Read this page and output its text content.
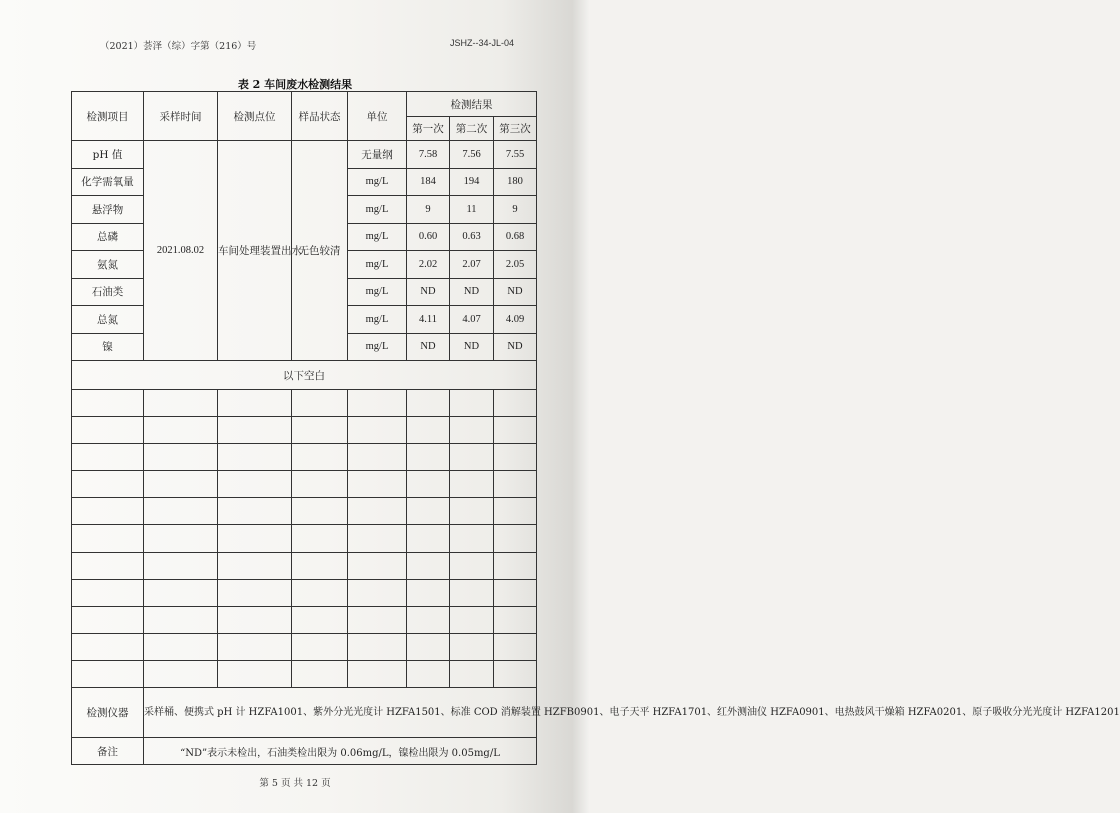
（2021）荟泽（综）字第（216）号	JSHZ--34-JL-04
表 2 车间废水检测结果
检测项目	采样时间	检测点位	样品状态	单位	检测结果		
					第一次	第二次	第三次
pH 值	2021.08.02	车间处理装置出水	无色较清	无量纲	7.58	7.56	7.55
化学需氧量				mg/L	184	194	180
悬浮物				mg/L	9	11	9
总磷				mg/L	0.60	0.63	0.68
氨氮				mg/L	2.02	2.07	2.05
石油类				mg/L	ND	ND	ND
总氮				mg/L	4.11	4.07	4.09
镍				mg/L	ND	ND	ND
以下空白							

检测仪器	采样桶、便携式 pH 计 HZFA1001、紫外分光光度计 HZFA1501、标准 COD 消解装置 HZFB0901、电子天平 HZFA1701、红外测油仪 HZFA0901、电热鼓风干燥箱 HZFA0201、原子吸收分光光度计 HZFA1201						
备注	“ND”表示未检出，石油类检出限为 0.06mg/L，镍检出限为 0.05mg/L						
第 5 页 共 12 页
